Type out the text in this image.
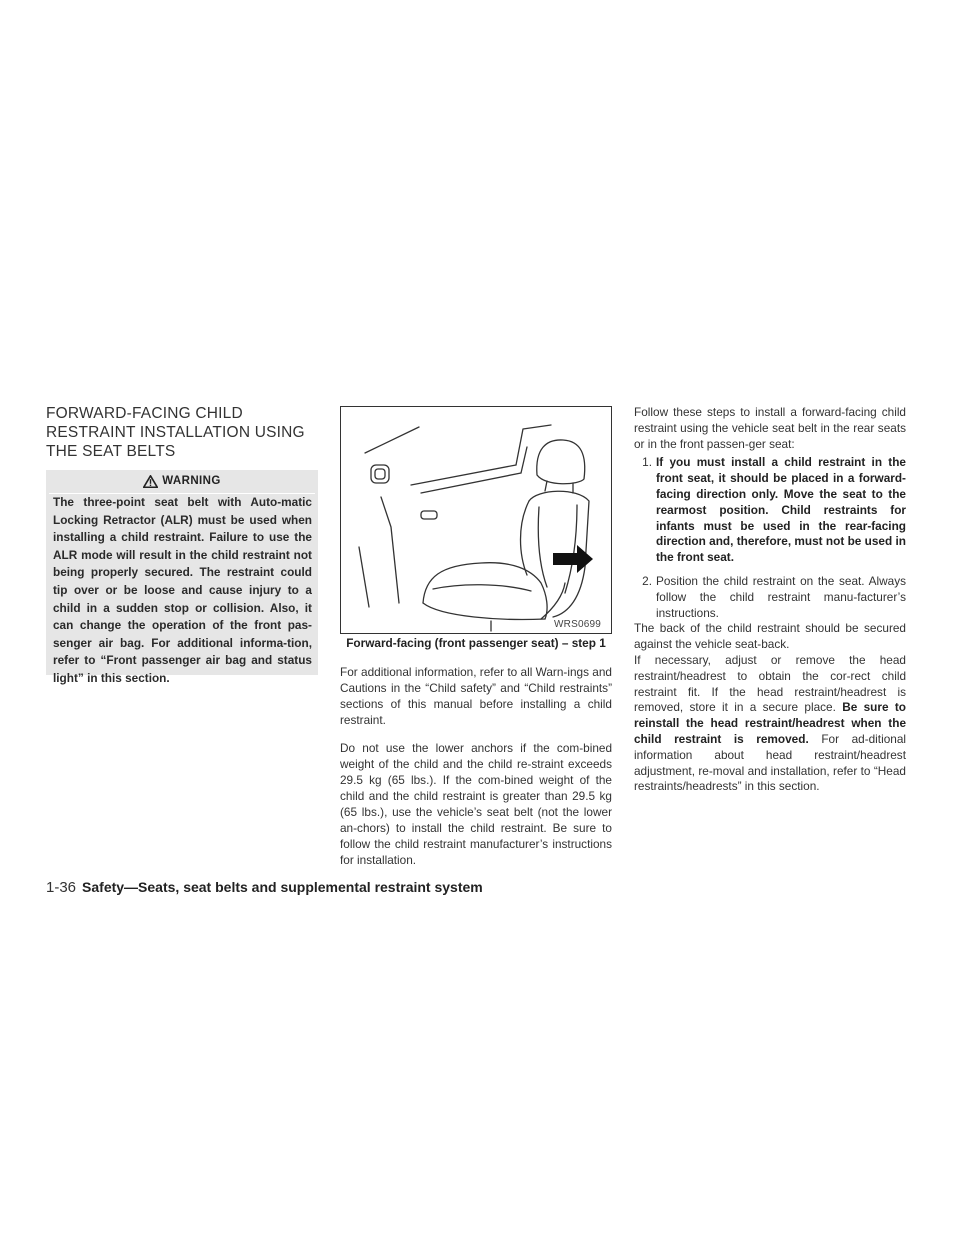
FORWARD-FACING CHILD RESTRAINT INSTALLATION USING THE SEAT BELTS
WARNING
The three-point seat belt with Auto-matic Locking Retractor (ALR) must be used when installing a child restraint. Failure to use the ALR mode will result in the child restraint not being properly secured. The restraint could tip over or be loose and cause injury to a child in a sudden stop or collision. Also, it can change the operation of the front pas-senger air bag. For additional informa-tion, refer to “Front passenger air bag and status light” in this section.
WRS0699
Forward-facing (front passenger seat) – step 1

For additional information, refer to all Warn-ings and Cautions in the “Child safety” and “Child restraints” sections of this manual before installing a child restraint.

Do not use the lower anchors if the com-bined weight of the child and the child re-straint exceeds 29.5 kg (65 lbs.). If the com-bined weight of the child and the child restraint is greater than 29.5 kg (65 lbs.), use the vehicle’s seat belt (not the lower an-chors) to install the child restraint. Be sure to follow the child restraint manufacturer’s instructions for installation.

Follow these steps to install a forward-facing child restraint using the vehicle seat belt in the rear seats or in the front passen-ger seat:

1. If you must install a child restraint in the front seat, it should be placed in a forward-facing direction only. Move the seat to the rearmost position. Child restraints for infants must be used in the rear-facing direction and, therefore, must not be used in the front seat.
2. Position the child restraint on the seat. Always follow the child restraint manu-facturer’s instructions.

The back of the child restraint should be secured against the vehicle seat-back.

If necessary, adjust or remove the head restraint/headrest to obtain the cor-rect child restraint fit. If the head restraint/headrest is removed, store it in a secure place. Be sure to reinstall the head restraint/headrest when the child restraint is removed. For ad-ditional information about head restraint/headrest adjustment, re-moval and installation, refer to “Head restraints/headrests” in this section.

1-36 Safety—Seats, seat belts and supplemental restraint system
